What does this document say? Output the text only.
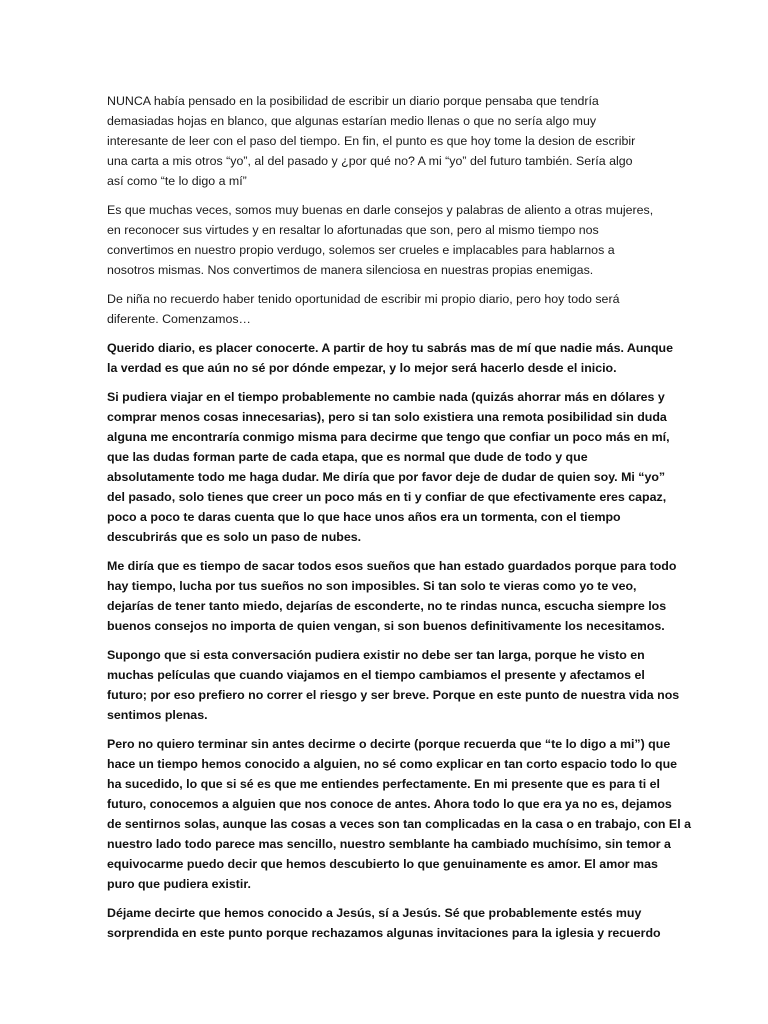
NUNCA había pensado en la posibilidad de escribir un diario porque pensaba que tendría
demasiadas hojas en blanco, que algunas estarían medio llenas o que no sería algo muy
interesante de leer con el paso del tiempo. En fin, el punto es que hoy tome la desion de escribir
una carta a mis otros “yo”, al del pasado y ¿por qué no? A mi “yo” del futuro también. Sería algo
así como “te lo digo a mí”

Es que muchas veces, somos muy buenas en darle consejos y palabras de aliento a otras mujeres,
en reconocer sus virtudes y en resaltar lo afortunadas que son, pero al mismo tiempo nos
convertimos en nuestro propio verdugo, solemos ser crueles e implacables para hablarnos a
nosotros mismas. Nos convertimos de manera silenciosa en nuestras propias enemigas.

De niña no recuerdo haber tenido oportunidad de escribir mi propio diario, pero hoy todo será
diferente. Comenzamos…

Querido diario, es placer conocerte. A partir de hoy tu sabrás mas de mí que nadie más. Aunque
la verdad es que aún no sé por dónde empezar, y lo mejor será hacerlo desde el inicio.

Si pudiera viajar en el tiempo probablemente no cambie nada (quizás ahorrar más en dólares y
comprar menos cosas innecesarias), pero si tan solo existiera una remota posibilidad sin duda
alguna me encontraría conmigo misma para decirme que tengo que confiar un poco más en mí,
que las dudas forman parte de cada etapa, que es normal que dude de todo y que
absolutamente todo me haga dudar. Me diría que por favor deje de dudar de quien soy. Mi “yo”
del pasado, solo tienes que creer un poco más en ti y confiar de que efectivamente eres capaz,
poco a poco te daras cuenta que lo que hace unos años era un tormenta, con el tiempo
descubrirás que es solo un paso de nubes.

Me diría que es tiempo de sacar todos esos sueños que han estado guardados porque para todo
hay tiempo, lucha por tus sueños no son imposibles. Si tan solo te vieras como yo te veo,
dejarías de tener tanto miedo, dejarías de esconderte, no te rindas nunca, escucha siempre los
buenos consejos no importa de quien vengan, si son buenos definitivamente los necesitamos.

Supongo que si esta conversación pudiera existir no debe ser tan larga, porque he visto en
muchas películas que cuando viajamos en el tiempo cambiamos el presente y afectamos el
futuro; por eso prefiero no correr el riesgo y ser breve. Porque en este punto de nuestra vida nos
sentimos plenas.

Pero no quiero terminar sin antes decirme o decirte (porque recuerda que “te lo digo a mi”) que
hace un tiempo hemos conocido a alguien, no sé como explicar en tan corto espacio todo lo que
ha sucedido, lo que si sé es que me entiendes perfectamente. En mi presente que es para ti el
futuro, conocemos a alguien que nos conoce de antes. Ahora todo lo que era ya no es, dejamos
de sentirnos solas, aunque las cosas a veces son tan complicadas en la casa o en trabajo, con El a
nuestro lado todo parece mas sencillo, nuestro semblante ha cambiado muchísimo, sin temor a
equivocarme puedo decir que hemos descubierto lo que genuinamente es amor. El amor mas
puro que pudiera existir.

Déjame decirte que hemos conocido a Jesús, sí a Jesús. Sé que probablemente estés muy
sorprendida en este punto porque rechazamos algunas invitaciones para la iglesia y recuerdo
